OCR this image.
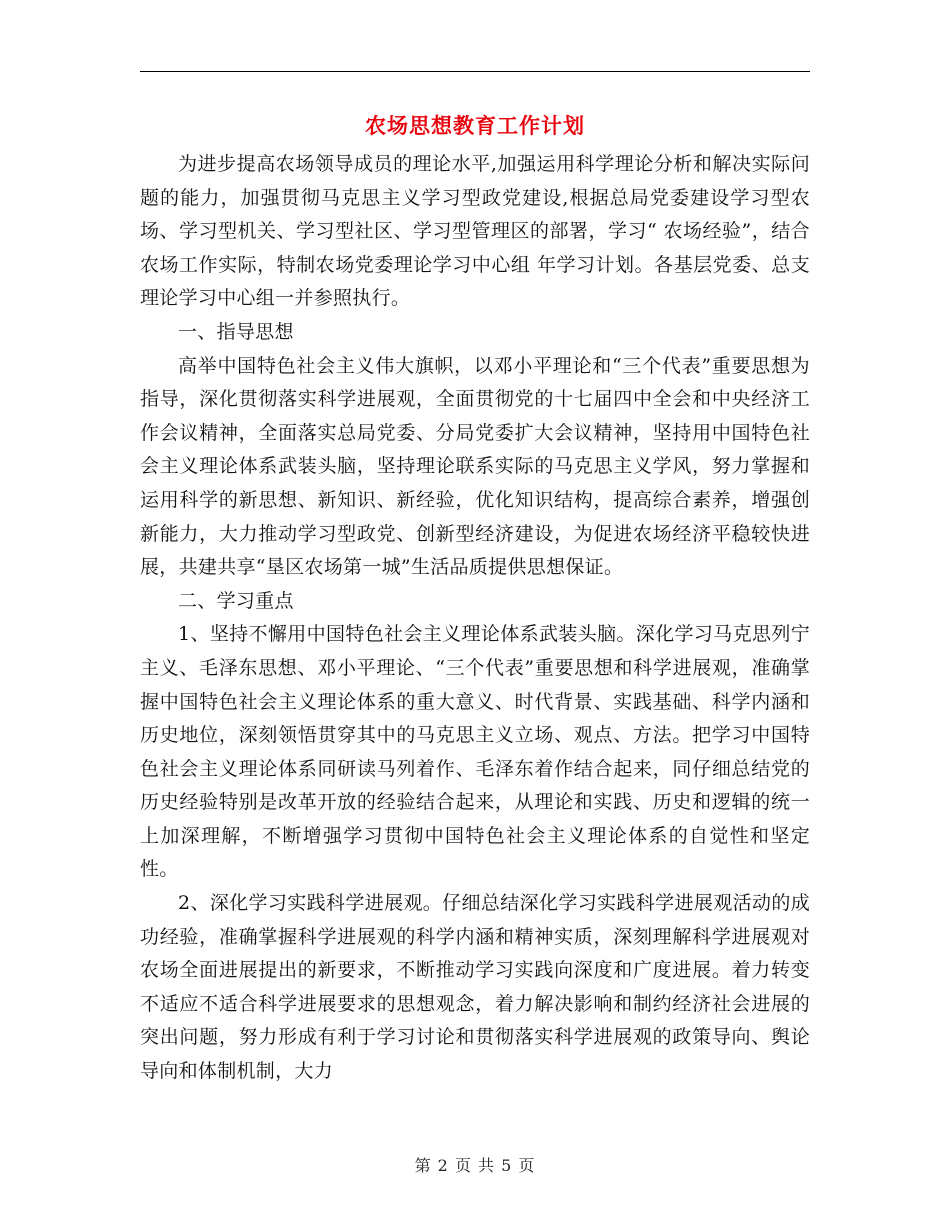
农场思想教育工作计划

为进步提高农场领导成员的理论水平,加强运用科学理论分析和解决实际问题的能力，加强贯彻马克思主义学习型政党建设,根据总局党委建设学习型农场、学习型机关、学习型社区、学习型管理区的部署，学习“ 农场经验”，结合农场工作实际，特制农场党委理论学习中心组 年学习计划。各基层党委、总支理论学习中心组一并参照执行。

一、指导思想

高举中国特色社会主义伟大旗帜，以邓小平理论和“三个代表”重要思想为指导，深化贯彻落实科学进展观，全面贯彻党的十七届四中全会和中央经济工作会议精神，全面落实总局党委、分局党委扩大会议精神，坚持用中国特色社会主义理论体系武装头脑，坚持理论联系实际的马克思主义学风，努力掌握和运用科学的新思想、新知识、新经验，优化知识结构，提高综合素养，增强创新能力，大力推动学习型政党、创新型经济建设，为促进农场经济平稳较快进展，共建共享“垦区农场第一城”生活品质提供思想保证。

二、学习重点

1、坚持不懈用中国特色社会主义理论体系武装头脑。深化学习马克思列宁主义、毛泽东思想、邓小平理论、“三个代表”重要思想和科学进展观，准确掌握中国特色社会主义理论体系的重大意义、时代背景、实践基础、科学内涵和历史地位，深刻领悟贯穿其中的马克思主义立场、观点、方法。把学习中国特色社会主义理论体系同研读马列着作、毛泽东着作结合起来，同仔细总结党的历史经验特别是改革开放的经验结合起来，从理论和实践、历史和逻辑的统一上加深理解，不断增强学习贯彻中国特色社会主义理论体系的自觉性和坚定性。

2、深化学习实践科学进展观。仔细总结深化学习实践科学进展观活动的成功经验，准确掌握科学进展观的科学内涵和精神实质，深刻理解科学进展观对农场全面进展提出的新要求，不断推动学习实践向深度和广度进展。着力转变不适应不适合科学进展要求的思想观念，着力解决影响和制约经济社会进展的突出问题，努力形成有利于学习讨论和贯彻落实科学进展观的政策导向、舆论导向和体制机制，大力

第 2 页 共 5 页
